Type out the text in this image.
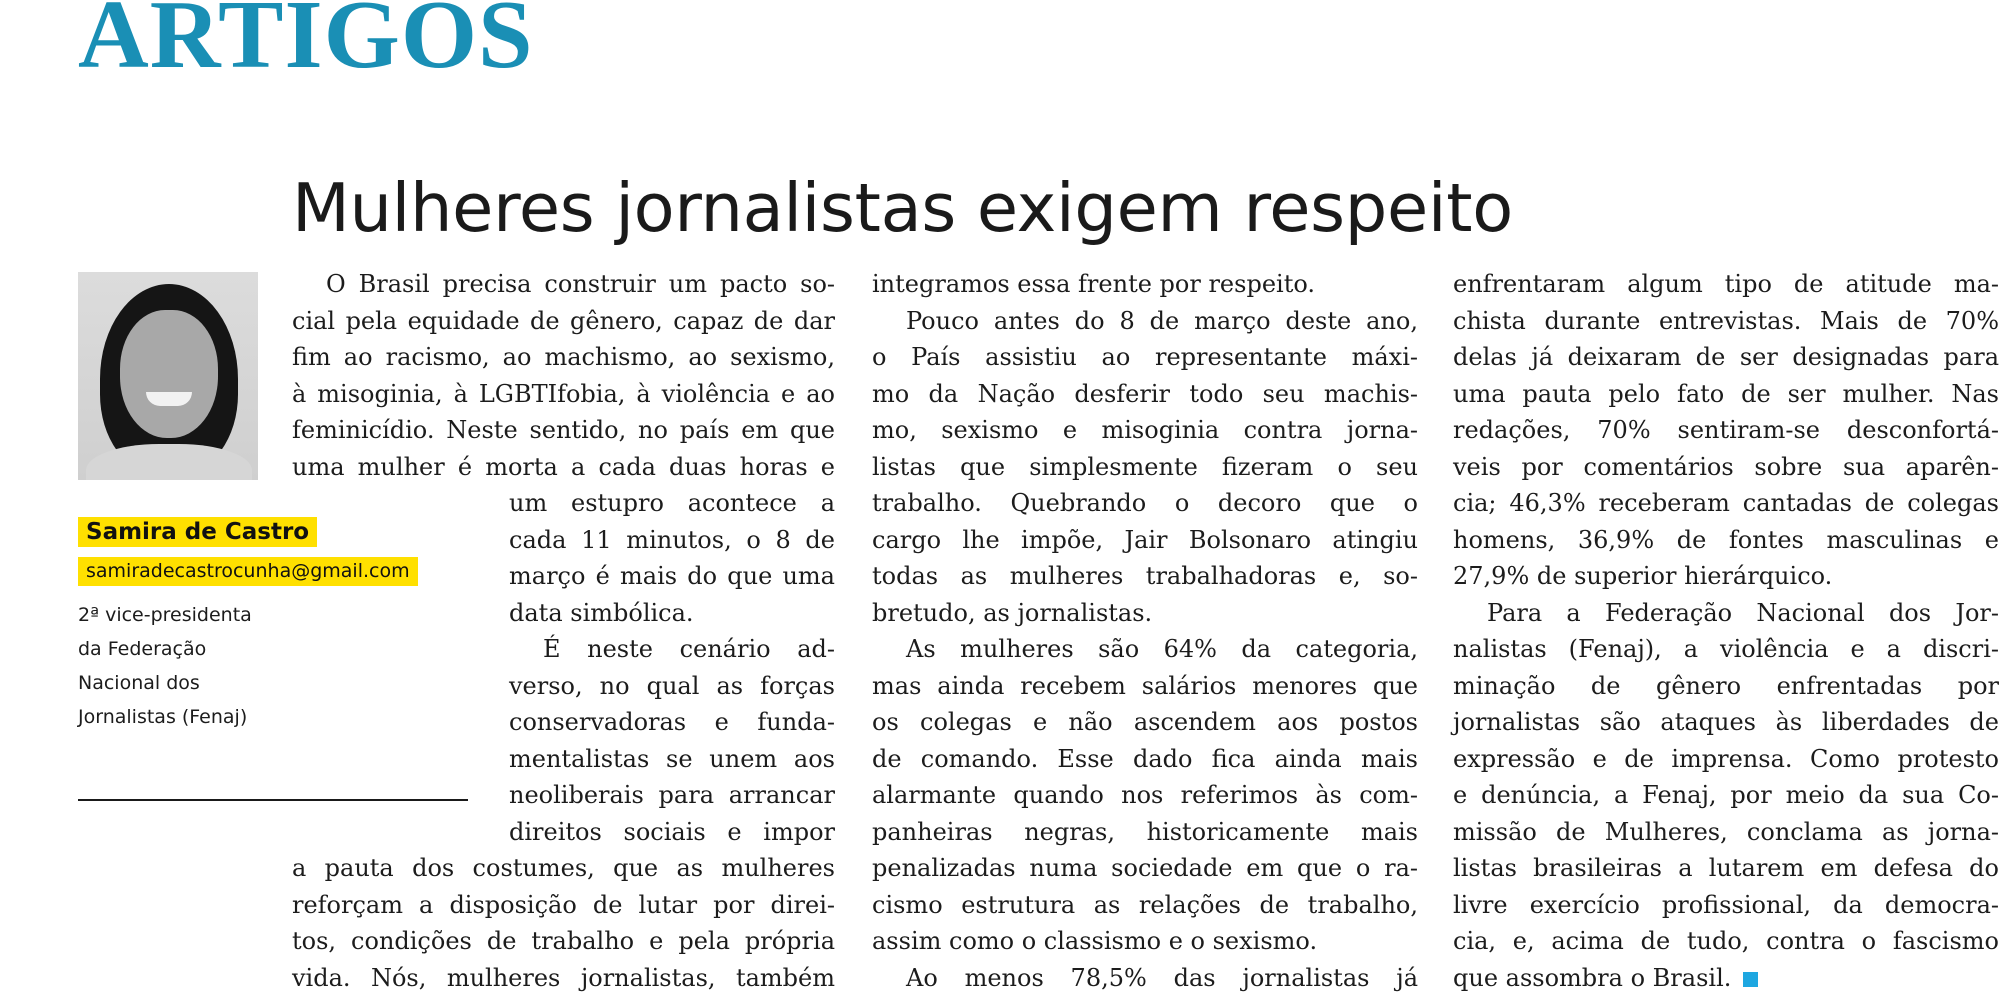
ARTIGOS
Mulheres jornalistas exigem respeito
Samira de Castro
samiradecastrocunha@gmail.com
2ª vice-presidenta
da Federação
Nacional dos
Jornalistas (Fenaj)
O Brasil precisa construir um pacto so-
cial pela equidade de gênero, capaz de dar
fim ao racismo, ao machismo, ao sexismo,
à misoginia, à LGBTIfobia, à violência e ao
feminicídio. Neste sentido, no país em que
uma mulher é morta a cada duas horas e
um estupro acontece a
cada 11 minutos, o 8 de
março é mais do que uma
data simbólica.
É neste cenário ad-
verso, no qual as forças
conservadoras e funda-
mentalistas se unem aos
neoliberais para arrancar
direitos sociais e impor
a pauta dos costumes, que as mulheres
reforçam a disposição de lutar por direi-
tos, condições de trabalho e pela própria
vida. Nós, mulheres jornalistas, também
integramos essa frente por respeito.
Pouco antes do 8 de março deste ano,
o País assistiu ao representante máxi-
mo da Nação desferir todo seu machis-
mo, sexismo e misoginia contra jorna-
listas que simplesmente fizeram o seu
trabalho. Quebrando o decoro que o
cargo lhe impõe, Jair Bolsonaro atingiu
todas as mulheres trabalhadoras e, so-
bretudo, as jornalistas.
As mulheres são 64% da categoria,
mas ainda recebem salários menores que
os colegas e não ascendem aos postos
de comando. Esse dado fica ainda mais
alarmante quando nos referimos às com-
panheiras negras, historicamente mais
penalizadas numa sociedade em que o ra-
cismo estrutura as relações de trabalho,
assim como o classismo e o sexismo.
Ao menos 78,5% das jornalistas já
enfrentaram algum tipo de atitude ma-
chista durante entrevistas. Mais de 70%
delas já deixaram de ser designadas para
uma pauta pelo fato de ser mulher. Nas
redações, 70% sentiram-se desconfortá-
veis por comentários sobre sua aparên-
cia; 46,3% receberam cantadas de colegas
homens, 36,9% de fontes masculinas e
27,9% de superior hierárquico.
Para a Federação Nacional dos Jor-
nalistas (Fenaj), a violência e a discri-
minação de gênero enfrentadas por
jornalistas são ataques às liberdades de
expressão e de imprensa. Como protesto
e denúncia, a Fenaj, por meio da sua Co-
missão de Mulheres, conclama as jorna-
listas brasileiras a lutarem em defesa do
livre exercício profissional, da democra-
cia, e, acima de tudo, contra o fascismo
que assombra o Brasil.
